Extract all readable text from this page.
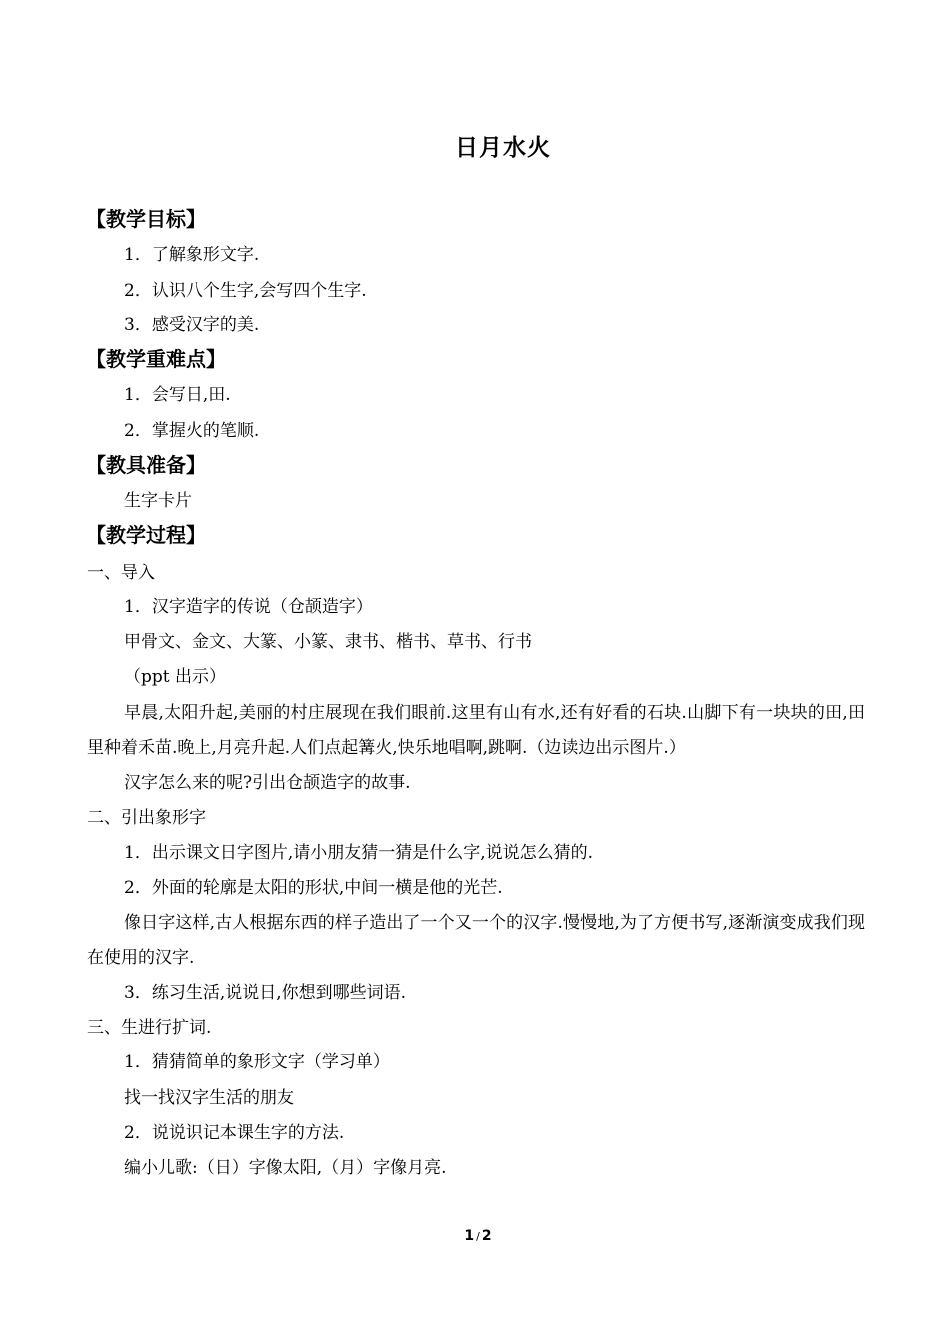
日月水火
【教学目标】
1．了解象形文字.
2．认识八个生字,会写四个生字.
3．感受汉字的美.
【教学重难点】
1．会写日,田.
2．掌握火的笔顺.
【教具准备】
生字卡片
【教学过程】
一、导入
1．汉字造字的传说（仓颉造字）
甲骨文、金文、大篆、小篆、隶书、楷书、草书、行书
（ppt 出示）
早晨,太阳升起,美丽的村庄展现在我们眼前.这里有山有水,还有好看的石块.山脚下有一块块的田,田里种着禾苗.晚上,月亮升起.人们点起篝火,快乐地唱啊,跳啊.（边读边出示图片.）
汉字怎么来的呢?引出仓颉造字的故事.
二、引出象形字
1．出示课文日字图片,请小朋友猜一猜是什么字,说说怎么猜的.
2．外面的轮廓是太阳的形状,中间一横是他的光芒.
像日字这样,古人根据东西的样子造出了一个又一个的汉字.慢慢地,为了方便书写,逐渐演变成我们现在使用的汉字.
3．练习生活,说说日,你想到哪些词语.
三、生进行扩词.
1．猜猜简单的象形文字（学习单）
找一找汉字生活的朋友
2．说说识记本课生字的方法.
编小儿歌:（日）字像太阳,（月）字像月亮.
1 / 2
